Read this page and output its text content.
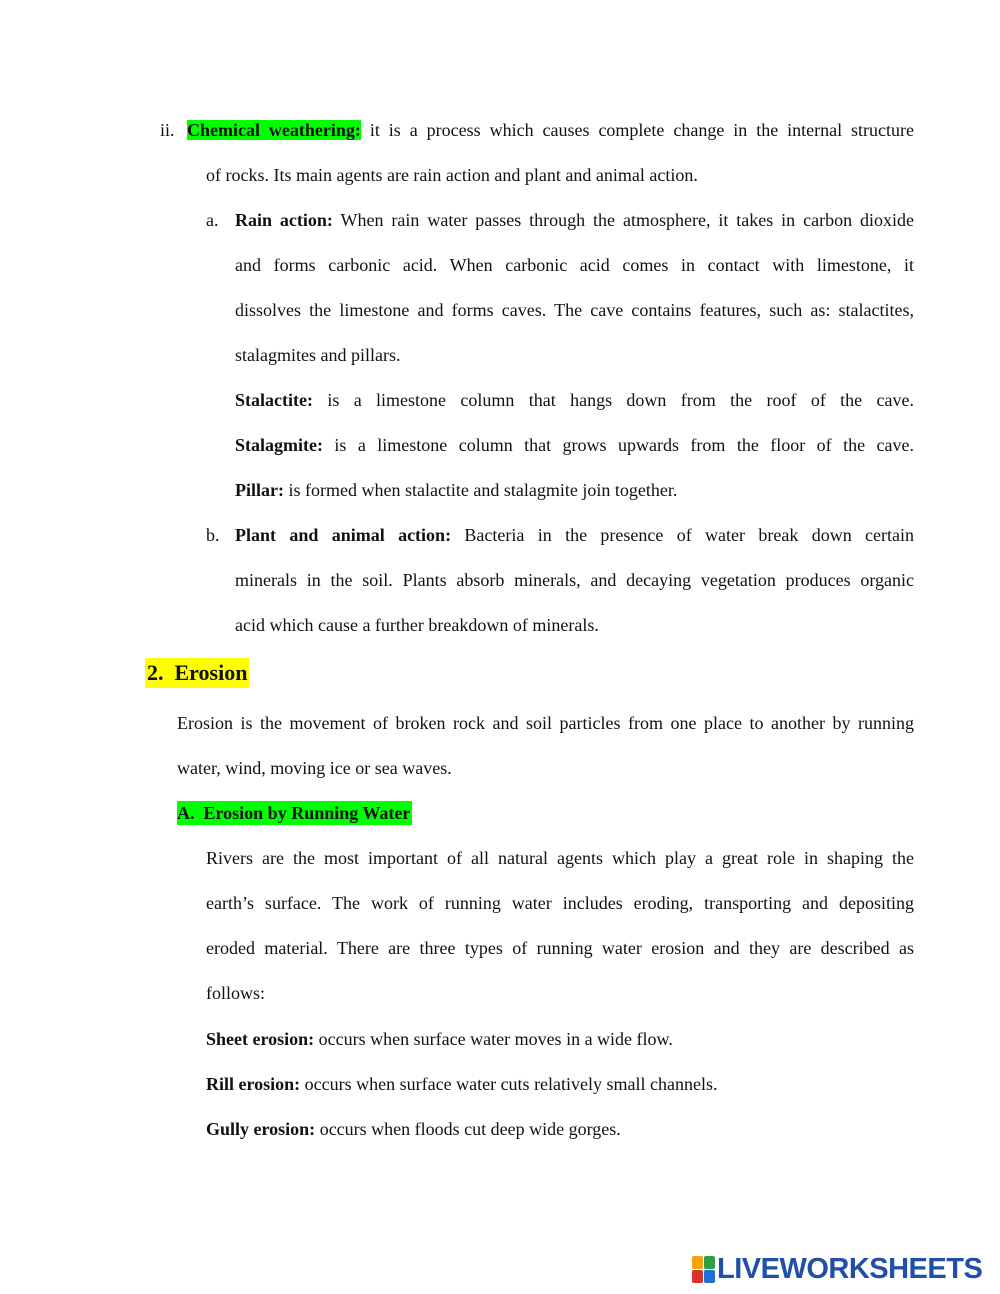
ii. Chemical weathering: it is a process which causes complete change in the internal structure
of rocks. Its main agents are rain action and plant and animal action.
a. Rain action: When rain water passes through the atmosphere, it takes in carbon dioxide
and forms carbonic acid. When carbonic acid comes in contact with limestone, it
dissolves the limestone and forms caves. The cave contains features, such as: stalactites,
stalagmites and pillars.
Stalactite: is a limestone column that hangs down from the roof of the cave.
Stalagmite: is a limestone column that grows upwards from the floor of the cave.
Pillar: is formed when stalactite and stalagmite join together.
b. Plant and animal action: Bacteria in the presence of water break down certain
minerals in the soil. Plants absorb minerals, and decaying vegetation produces organic
acid which cause a further breakdown of minerals.
2. Erosion
Erosion is the movement of broken rock and soil particles from one place to another by running
water, wind, moving ice or sea waves.
A. Erosion by Running Water
Rivers are the most important of all natural agents which play a great role in shaping the
earth’s surface. The work of running water includes eroding, transporting and depositing
eroded material. There are three types of running water erosion and they are described as
follows:
Sheet erosion: occurs when surface water moves in a wide flow.
Rill erosion: occurs when surface water cuts relatively small channels.
Gully erosion: occurs when floods cut deep wide gorges.
LIVEWORKSHEETS
